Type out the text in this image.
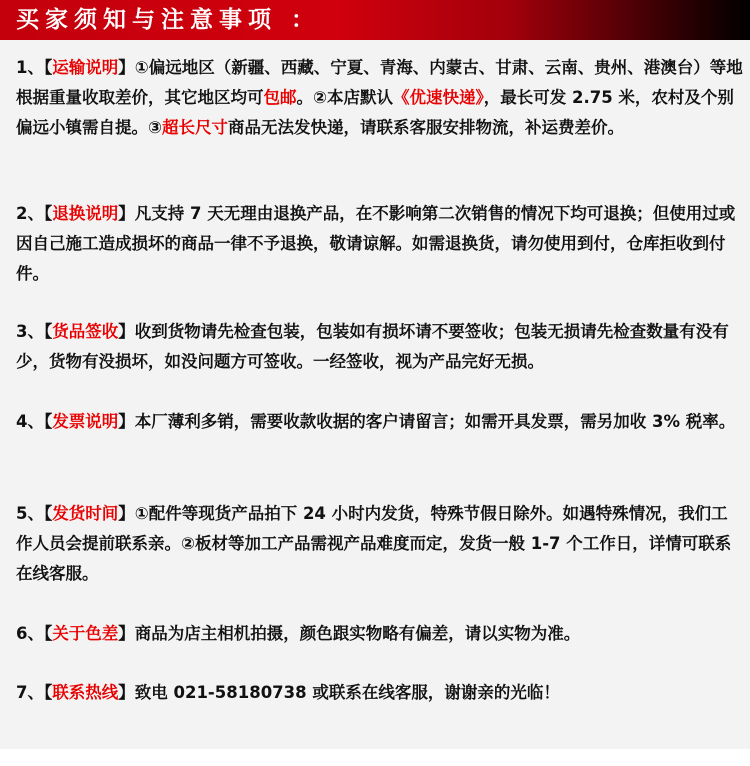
买家须知与注意事项 ：
1、【运输说明】①偏远地区（新疆、西藏、宁夏、青海、内蒙古、甘肃、云南、贵州、港澳台）等地根据重量收取差价，其它地区均可包邮。②本店默认《优速快递》，最长可发 2.75 米，农村及个别偏远小镇需自提。③超长尺寸商品无法发快递，请联系客服安排物流，补运费差价。
2、【退换说明】凡支持 7 天无理由退换产品，在不影响第二次销售的情况下均可退换；但使用过或因自己施工造成损坏的商品一律不予退换，敬请谅解。如需退换货，请勿使用到付，仓库拒收到付件。
3、【货品签收】收到货物请先检查包装，包装如有损坏请不要签收；包装无损请先检查数量有没有少，货物有没损坏，如没问题方可签收。一经签收，视为产品完好无损。
4、【发票说明】本厂薄利多销，需要收款收据的客户请留言；如需开具发票，需另加收 3% 税率。
5、【发货时间】①配件等现货产品拍下 24 小时内发货，特殊节假日除外。如遇特殊情况，我们工作人员会提前联系亲。②板材等加工产品需视产品难度而定，发货一般 1-7 个工作日，详情可联系在线客服。
6、【关于色差】商品为店主相机拍摄，颜色跟实物略有偏差，请以实物为准。
7、【联系热线】致电 021-58180738 或联系在线客服，谢谢亲的光临！
